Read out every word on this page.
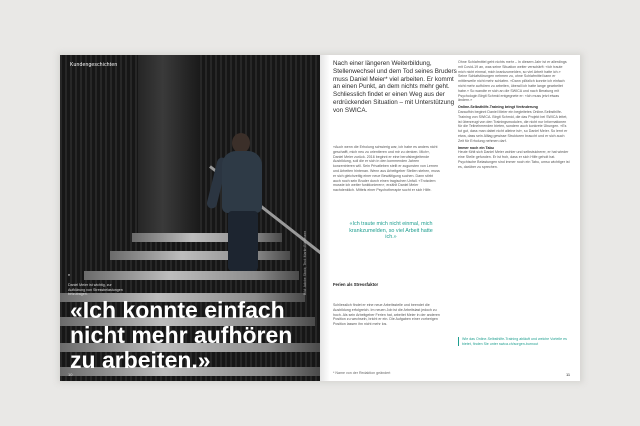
Kundengeschichten
*
Daniel Meier ist wichtig, zur Aufklärung von Stressbelastungen beizutragen.
«Ich konnte einfach nicht mehr aufhören zu arbeiten.»
10
Bild: Adobe Stock; Text: Martin Bühlmann
Nach einer längeren Weiterbildung, Stellenwechsel und dem Tod seines Bruders muss Daniel Meier* viel arbeiten. Er kommt an einen Punkt, an dem nichts mehr geht. Schliesslich findet er einen Weg aus der erdrückenden Situation – mit Unterstützung von SWICA.
«Auch wenn die Erholung schwierig war, ich habe es anders nicht geschafft, mich neu zu orientieren und mir zu denken. Mich», Daniel Meier zurück. 2016 beginnt er eine berufsbegleitende Ausbildung, soll die er sich in den kommenden Jahren konzentrieren will. Sein Privatleben stellt er zugunsten von Lernen und Arbeiten hintenan. Wenn aus Arbeitgeber Stellen stehen, muss er sich gleichzeitig einer neue Bewältigung suchen. Dann stirbt auch noch sein Bruder durch einen tragischen Unfall. «Trotzdem musste ich weiter funktionieren», erzählt Daniel Meier nachdenklich. Mittels einer Psychotherapie sucht er sich Hilfe.
«Ich traute mich nicht einmal, mich krankzumelden, so viel Arbeit hatte ich.»
Ferien als Stressfaktor
Schliesslich findet er eine neue Arbeitsstelle und beendet die Ausbildung erfolgreich. Im neuen Job ist die Arbeitslast jedoch zu hoch. Als sein Arbeitgeber Ferien hat, arbeitet Meier in der anderen Position zu wechseln, bricht er ein. Die Aufgaben einer vorherigen Position lassen ihn nicht mehr los.
Ohne Schlafmittel geht nichts mehr – In diesem Jahr ist er allerdings mit Covid-19 an, was seine Situation weiter verschärft: «Ich traute mich nicht einmal, mich krankzumelden, so viel Arbeit hatte ich.» Seine Schlafstörungen nehmen zu, ohne Schlafmittel kann er mittlerweile nicht mehr schlafen. «Dann plötzlich konnte ich einfach nicht mehr aufhören zu arbeiten, überall ich hatte lange gearbeitet habe.» So wandte er sich an die SWICA und nach Beratung mit Psychologin Birgit Schmid entgegnete er: «Ich muss jetzt etwas ändern.»
Online-Selbsthilfe-Training bringt Veränderung
Daraufhin beginnt Daniel Meier ein begleitetes Online-Selbsthilfe-Training von SWICA. Birgit Schmid, die das Projekt bei SWICA leitet, ist überzeugt von den Trainingsmodulen, die nicht nur Informationen für die Teilnehmenden bieten, sondern auch konkrete Übungen. «Es tut gut, dass man dabei nicht alleine ist», so Daniel Meier. So lernt er etwa, dass sein Alltag gewisse Strukturen braucht und er sich auch Zeit für Erholung nehmen darf.
Immer noch ein Tabu
Heute fühlt sich Daniel Meier wohler und selbstsicherer, er hat wieder eine Stelle gefunden. Er ist froh, dass er sich Hilfe geholt hat. Psychische Belastungen sind immer noch ein Tabu, umso wichtiger ist es, darüber zu sprechen.
Wie das Online-Selbsthilfe-Training abläuft und welche Vorteile es bietet, finden Sie unter swica.ch/sorgen-burnout
* Name von der Redaktion geändert	11
